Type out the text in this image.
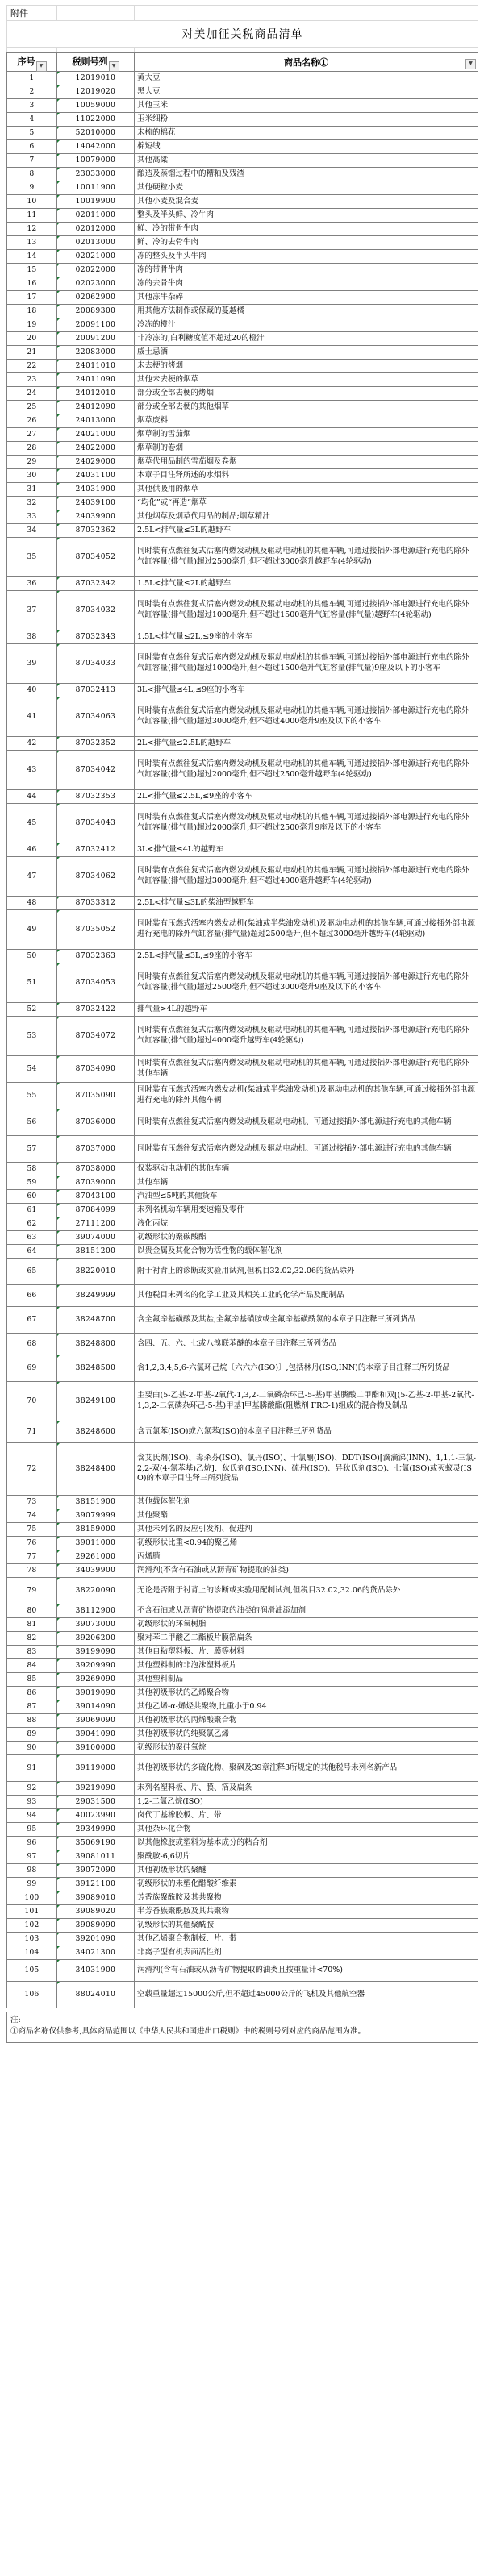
附件		
对美加征关税商品清单		

序号 ▼	税则号列 ▼	商品名称① ▼

1	12019010	黄大豆
2	12019020	黑大豆
3	10059000	其他玉米
4	11022000	玉米细粉
5	52010000	未梳的棉花
6	14042000	棉短绒
7	10079000	其他高粱
8	23033000	酿造及蒸馏过程中的糟粕及残渣
9	10011900	其他硬粒小麦
10	10019900	其他小麦及混合麦
11	02011000	整头及半头鲜、冷牛肉
12	02012000	鲜、冷的带骨牛肉
13	02013000	鲜、冷的去骨牛肉
14	02021000	冻的整头及半头牛肉
15	02022000	冻的带骨牛肉
16	02023000	冻的去骨牛肉
17	02062900	其他冻牛杂碎
18	20089300	用其他方法制作或保藏的蔓越橘
19	20091100	冷冻的橙汁
20	20091200	非冷冻的,白利糖度值不超过20的橙汁
21	22083000	威士忌酒
22	24011010	未去梗的烤烟
23	24011090	其他未去梗的烟草
24	24012010	部分或全部去梗的烤烟
25	24012090	部分或全部去梗的其他烟草
26	24013000	烟草废料
27	24021000	烟草制的雪茄烟
28	24022000	烟草制的卷烟
29	24029000	烟草代用品制的雪茄烟及卷烟
30	24031100	本章子目注释所述的水烟料
31	24031900	其他供吸用的烟草
32	24039100	“均化”或“再造”烟草
33	24039900	其他烟草及烟草代用品的制品;烟草精汁
34	87032362	2.5L<排气量≤3L的越野车
35	87034052	同时装有点燃往复式活塞内燃发动机及驱动电动机的其他车辆,可通过接插外部电源进行充电的除外气缸容量(排气量)超过2500毫升,但不超过3000毫升越野车(4轮驱动)
36	87032342	1.5L<排气量≤2L的越野车
37	87034032	同时装有点燃往复式活塞内燃发动机及驱动电动机的其他车辆,可通过接插外部电源进行充电的除外气缸容量(排气量)超过1000毫升,但不超过1500毫升气缸容量(排气量)越野车(4轮驱动)
38	87032343	1.5L<排气量≤2L,≤9座的小客车
39	87034033	同时装有点燃往复式活塞内燃发动机及驱动电动机的其他车辆,可通过接插外部电源进行充电的除外气缸容量(排气量)超过1000毫升,但不超过1500毫升气缸容量(排气量)9座及以下的小客车
40	87032413	3L<排气量≤4L,≤9座的小客车
41	87034063	同时装有点燃往复式活塞内燃发动机及驱动电动机的其他车辆,可通过接插外部电源进行充电的除外气缸容量(排气量)超过3000毫升,但不超过4000毫升9座及以下的小客车
42	87032352	2L<排气量≤2.5L的越野车
43	87034042	同时装有点燃往复式活塞内燃发动机及驱动电动机的其他车辆,可通过接插外部电源进行充电的除外气缸容量(排气量)超过2000毫升,但不超过2500毫升越野车(4轮驱动)
44	87032353	2L<排气量≤2.5L,≤9座的小客车
45	87034043	同时装有点燃往复式活塞内燃发动机及驱动电动机的其他车辆,可通过接插外部电源进行充电的除外气缸容量(排气量)超过2000毫升,但不超过2500毫升9座及以下的小客车
46	87032412	3L<排气量≤4L的越野车
47	87034062	同时装有点燃往复式活塞内燃发动机及驱动电动机的其他车辆,可通过接插外部电源进行充电的除外气缸容量(排气量)超过3000毫升,但不超过4000毫升越野车(4轮驱动)
48	87033312	2.5L<排气量≤3L的柴油型越野车
49	87035052	同时装有压燃式活塞内燃发动机(柴油或半柴油发动机)及驱动电动机的其他车辆,可通过接插外部电源进行充电的除外气缸容量(排气量)超过2500毫升,但不超过3000毫升越野车(4轮驱动)
50	87032363	2.5L<排气量≤3L,≤9座的小客车
51	87034053	同时装有点燃往复式活塞内燃发动机及驱动电动机的其他车辆,可通过接插外部电源进行充电的除外气缸容量(排气量)超过2500毫升,但不超过3000毫升9座及以下的小客车
52	87032422	排气量>4L的越野车
53	87034072	同时装有点燃往复式活塞内燃发动机及驱动电动机的其他车辆,可通过接插外部电源进行充电的除外气缸容量(排气量)超过4000毫升越野车(4轮驱动)
54	87034090	同时装有点燃往复式活塞内燃发动机及驱动电动机的其他车辆,可通过接插外部电源进行充电的除外其他车辆
55	87035090	同时装有压燃式活塞内燃发动机(柴油或半柴油发动机)及驱动电动机的其他车辆,可通过接插外部电源进行充电的除外其他车辆
56	87036000	同时装有点燃往复式活塞内燃发动机及驱动电动机、可通过接插外部电源进行充电的其他车辆
57	87037000	同时装有压燃往复式活塞内燃发动机及驱动电动机、可通过接插外部电源进行充电的其他车辆
58	87038000	仅装驱动电动机的其他车辆
59	87039000	其他车辆
60	87043100	汽油型≤5吨的其他货车
61	87084099	未列名机动车辆用变速箱及零件
62	27111200	液化丙烷
63	39074000	初级形状的聚碳酸酯
64	38151200	以贵金属及其化合物为活性物的载体催化剂
65	38220010	附于衬背上的诊断或实验用试剂,但税目32.02,32.06的货品除外
66	38249999	其他税目未列名的化学工业及其相关工业的化学产品及配制品
67	38248700	含全氟辛基磺酸及其盐,全氟辛基磺胺或全氟辛基磺酰氯的本章子目注释三所列货品
68	38248800	含四、五、六、七或八溴联苯醚的本章子目注释三所列货品
69	38248500	含1,2,3,4,5,6-六氯环己烷〔六六六(ISO)〕,包括林丹(ISO,INN)的本章子目注释三所列货品
70	38249100	主要由(5-乙基-2-甲基-2氧代-1,3,2-二氧磷杂环己-5-基)甲基膦酸二甲酯和双[(5-乙基-2-甲基-2氧代-1,3,2-二氧磷杂环己-5-基)甲基]甲基膦酸酯(阻燃剂 FRC-1)组成的混合物及制品
71	38248600	含五氯苯(ISO)或六氯苯(ISO)的本章子目注释三所列货品
72	38248400	含艾氏剂(ISO)、毒杀芬(ISO)、氯丹(ISO)、十氯酮(ISO)、DDT(ISO)[滴滴涕(INN)、1,1,1-三氯-2,2-双(4-氯苯基)乙烷]、狄氏剂(ISO,INN)、硫丹(ISO)、异狄氏剂(ISO)、七氯(ISO)或灭蚁灵(ISO)的本章子目注释三所列货品
73	38151900	其他载体催化剂
74	39079999	其他聚酯
75	38159000	其他未列名的反应引发剂、促进剂
76	39011000	初级形状比重<0.94的聚乙烯
77	29261000	丙烯腈
78	34039900	润滑剂(不含有石油或从沥青矿物提取的油类)
79	38220090	无论是否附于衬背上的诊断或实验用配制试剂,但税目32.02,32.06的货品除外
80	38112900	不含石油或从沥青矿物提取的油类的润滑油添加剂
81	39073000	初级形状的环氧树脂
82	39206200	聚对苯二甲酸乙二酯板片膜箔扁条
83	39199090	其他自粘塑料板、片、膜等材料
84	39209990	其他塑料制的非泡沫塑料板片
85	39269090	其他塑料制品
86	39019090	其他初级形状的乙烯聚合物
87	39014090	其他乙烯-α-烯烃共聚物,比重小于0.94
88	39069090	其他初级形状的丙烯酸聚合物
89	39041090	其他初级形状的纯聚氯乙烯
90	39100000	初级形状的聚硅氧烷
91	39119000	其他初级形状的多硫化物、聚砜及39章注释3所规定的其他税号未列名新产品
92	39219090	未列名塑料板、片、膜、箔及扁条
93	29031500	1,2-二氯乙烷(ISO)
94	40023990	卤代丁基橡胶板、片、带
95	29349990	其他杂环化合物
96	35069190	以其他橡胶或塑料为基本成分的粘合剂
97	39081011	聚酰胺-6,6切片
98	39072090	其他初级形状的聚醚
99	39121100	初级形状的未塑化醋酸纤维素
100	39089010	芳香族聚酰胺及其共聚物
101	39089020	半芳香族聚酰胺及其共聚物
102	39089090	初级形状的其他聚酰胺
103	39201090	其他乙烯聚合物制板、片、带
104	34021300	非离子型有机表面活性剂
105	34031900	润滑剂(含有石油或从沥青矿物提取的油类且按重量计<70%)
106	88024010	空载重量超过15000公斤,但不超过45000公斤的飞机及其他航空器
注:
①商品名称仅供参考,具体商品范围以《中华人民共和国进出口税则》中的税则号列对应的商品范围为准。
